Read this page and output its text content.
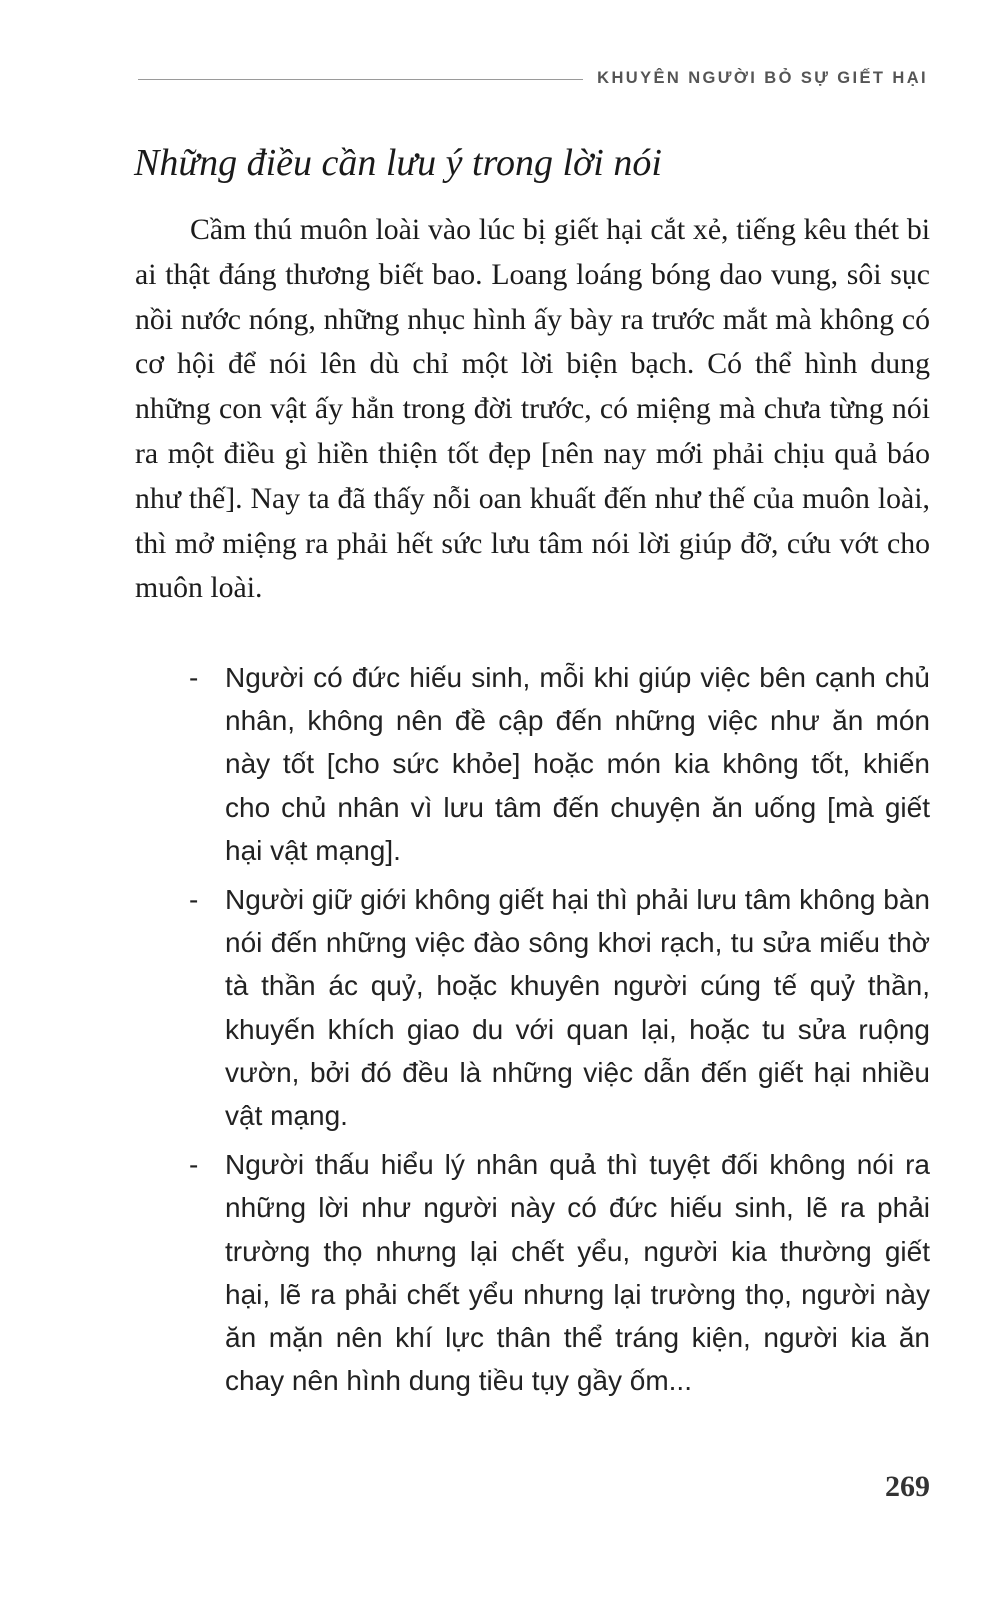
KHUYÊN NGƯỜI BỎ SỰ GIẾT HẠI
Những điều cần lưu ý trong lời nói

Cầm thú muôn loài vào lúc bị giết hại cắt xẻ, tiếng kêu thét bi ai thật đáng thương biết bao. Loang loáng bóng dao vung, sôi sục nồi nước nóng, những nhục hình ấy bày ra trước mắt mà không có cơ hội để nói lên dù chỉ một lời biện bạch. Có thể hình dung những con vật ấy hẳn trong đời trước, có miệng mà chưa từng nói ra một điều gì hiền thiện tốt đẹp [nên nay mới phải chịu quả báo như thế]. Nay ta đã thấy nỗi oan khuất đến như thế của muôn loài, thì mở miệng ra phải hết sức lưu tâm nói lời giúp đỡ, cứu vớt cho muôn loài.

- Người có đức hiếu sinh, mỗi khi giúp việc bên cạnh chủ nhân, không nên đề cập đến những việc như ăn món này tốt [cho sức khỏe] hoặc món kia không tốt, khiến cho chủ nhân vì lưu tâm đến chuyện ăn uống [mà giết hại vật mạng].
- Người giữ giới không giết hại thì phải lưu tâm không bàn nói đến những việc đào sông khơi rạch, tu sửa miếu thờ tà thần ác quỷ, hoặc khuyên người cúng tế quỷ thần, khuyến khích giao du với quan lại, hoặc tu sửa ruộng vườn, bởi đó đều là những việc dẫn đến giết hại nhiều vật mạng.
- Người thấu hiểu lý nhân quả thì tuyệt đối không nói ra những lời như người này có đức hiếu sinh, lẽ ra phải trường thọ nhưng lại chết yểu, người kia thường giết hại, lẽ ra phải chết yểu nhưng lại trường thọ, người này ăn mặn nên khí lực thân thể tráng kiện, người kia ăn chay nên hình dung tiều tụy gầy ốm...
269
